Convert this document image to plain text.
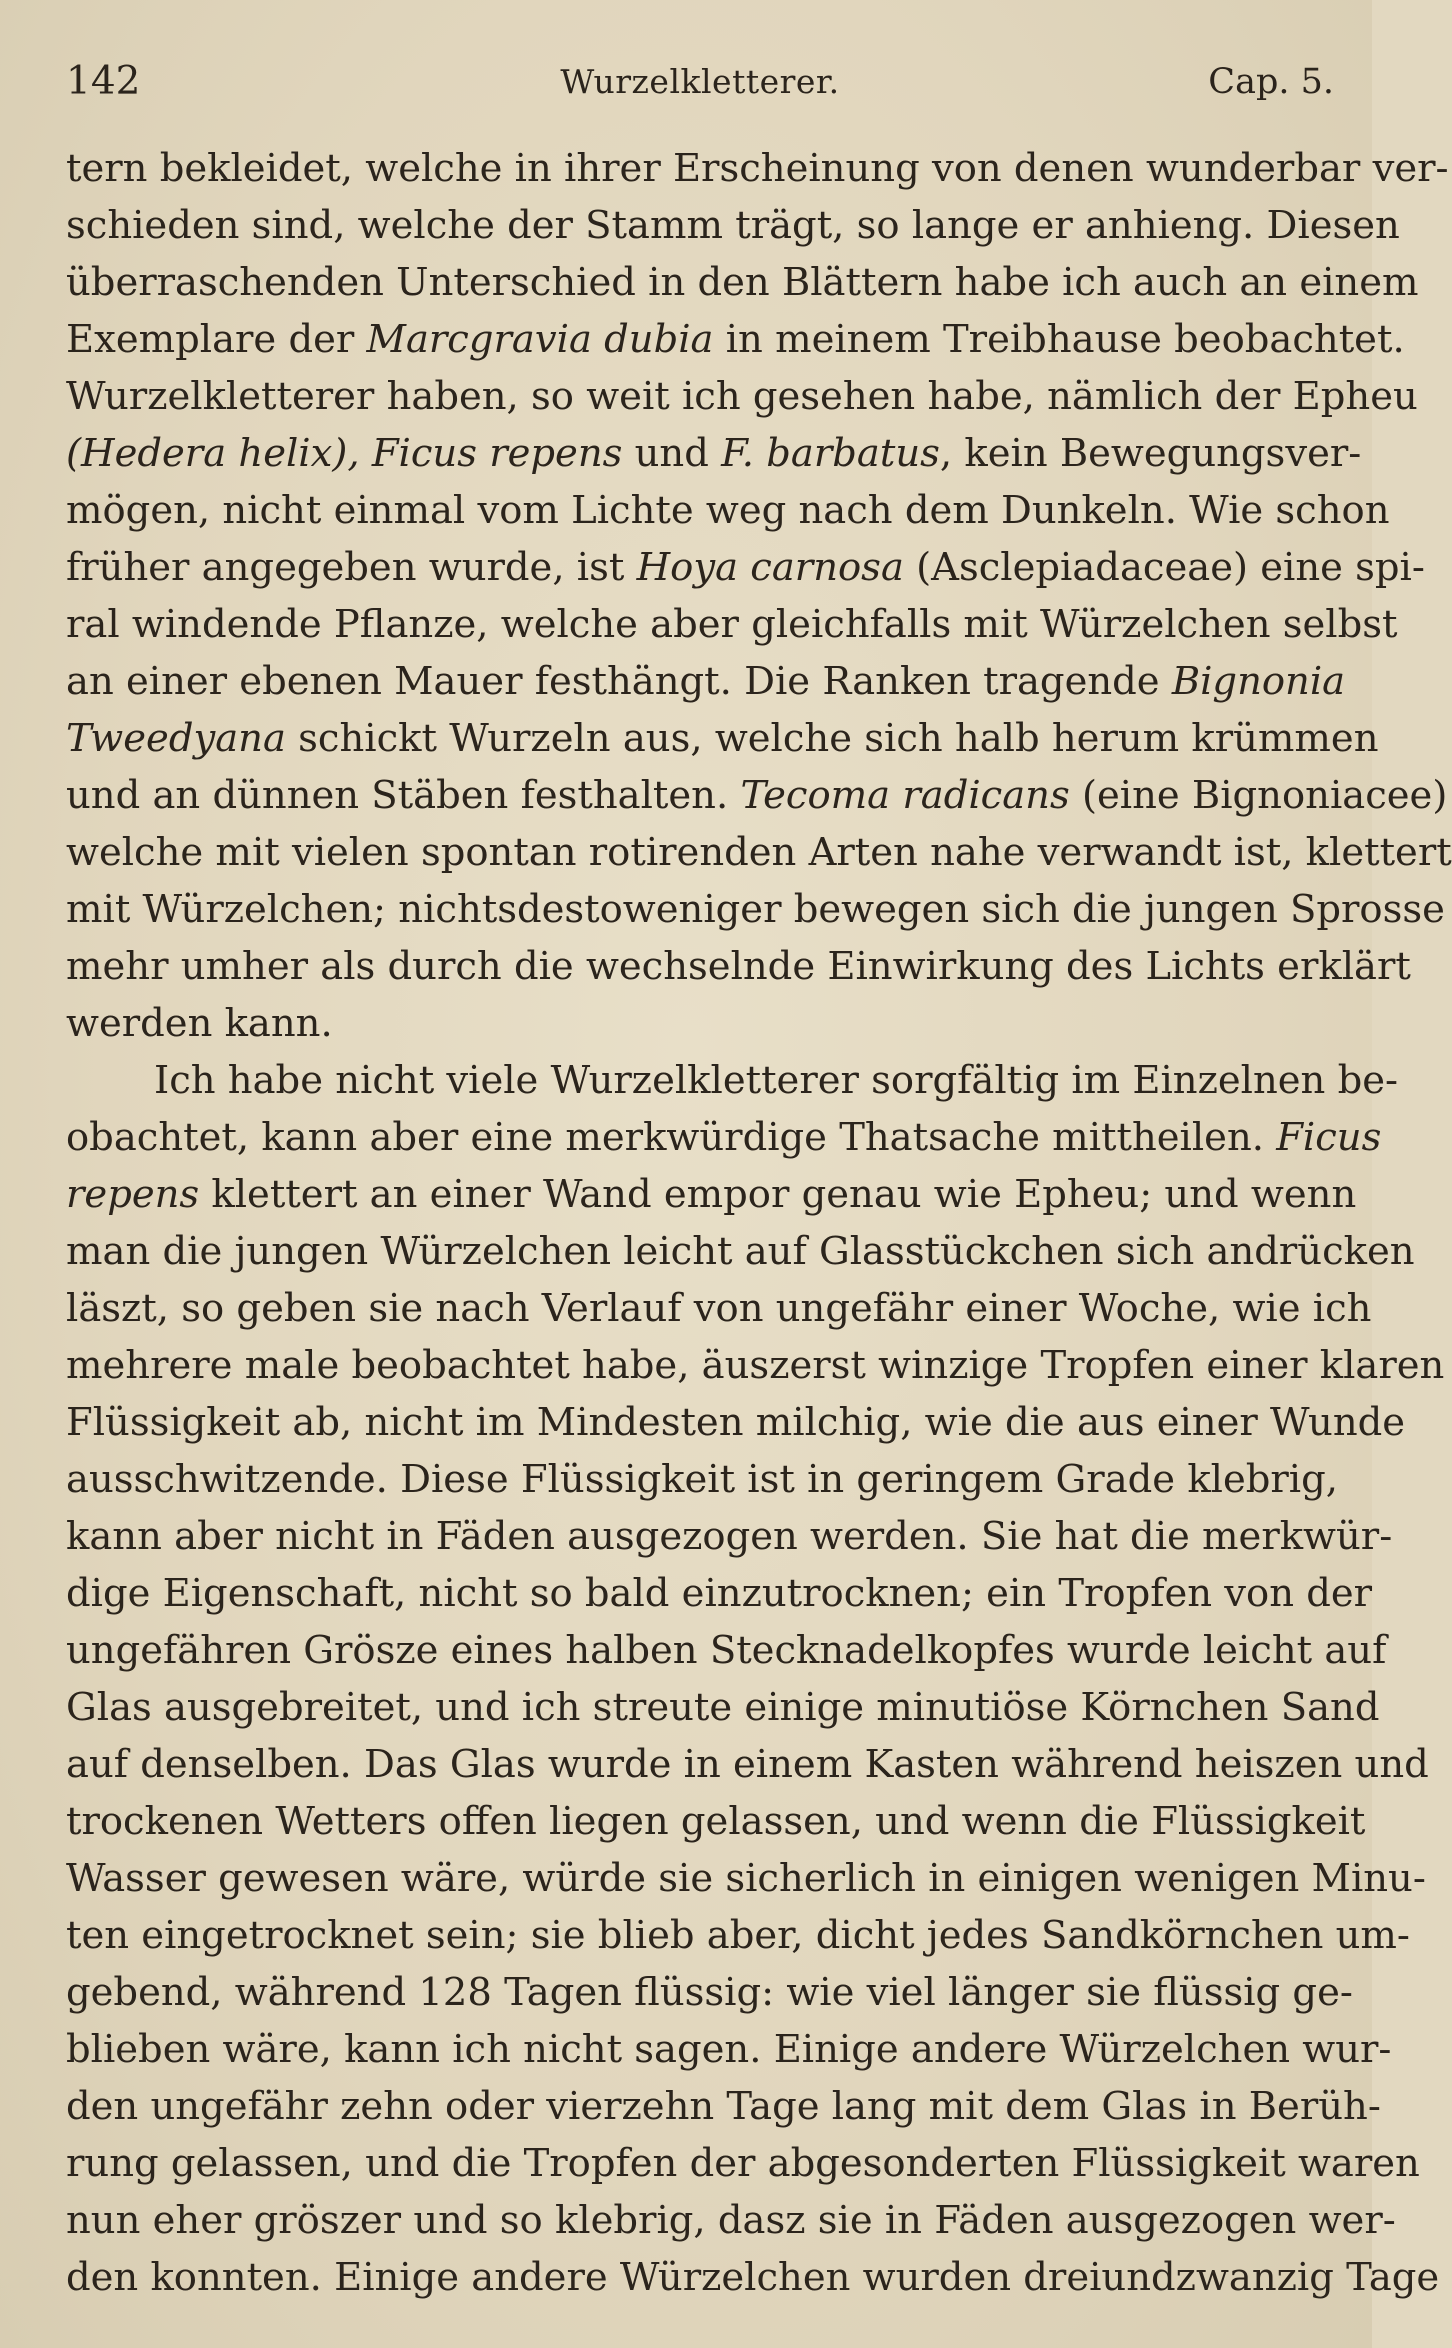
142	Wurzelkletterer.	Cap. 5.
tern bekleidet, welche in ihrer Erscheinung von denen wunderbar ver-
schieden sind, welche der Stamm trägt, so lange er anhieng. Diesen
überraschenden Unterschied in den Blättern habe ich auch an einem
Exemplare der Marcgravia dubia in meinem Treibhause beobachtet.
Wurzelkletterer haben, so weit ich gesehen habe, nämlich der Epheu
(Hedera helix), Ficus repens und F. barbatus, kein Bewegungsver-
mögen, nicht einmal vom Lichte weg nach dem Dunkeln. Wie schon
früher angegeben wurde, ist Hoya carnosa (Asclepiadaceae) eine spi-
ral windende Pflanze, welche aber gleichfalls mit Würzelchen selbst
an einer ebenen Mauer festhängt. Die Ranken tragende Bignonia
Tweedyana schickt Wurzeln aus, welche sich halb herum krümmen
und an dünnen Stäben festhalten. Tecoma radicans (eine Bignoniacee)
welche mit vielen spontan rotirenden Arten nahe verwandt ist, klettert
mit Würzelchen; nichtsdestoweniger bewegen sich die jungen Sprosse
mehr umher als durch die wechselnde Einwirkung des Lichts erklärt
werden kann.
Ich habe nicht viele Wurzelkletterer sorgfältig im Einzelnen be-
obachtet, kann aber eine merkwürdige Thatsache mittheilen. Ficus
repens klettert an einer Wand empor genau wie Epheu; und wenn
man die jungen Würzelchen leicht auf Glasstückchen sich andrücken
läszt, so geben sie nach Verlauf von ungefähr einer Woche, wie ich
mehrere male beobachtet habe, äuszerst winzige Tropfen einer klaren
Flüssigkeit ab, nicht im Mindesten milchig, wie die aus einer Wunde
ausschwitzende. Diese Flüssigkeit ist in geringem Grade klebrig,
kann aber nicht in Fäden ausgezogen werden. Sie hat die merkwür-
dige Eigenschaft, nicht so bald einzutrocknen; ein Tropfen von der
ungefähren Grösze eines halben Stecknadelkopfes wurde leicht auf
Glas ausgebreitet, und ich streute einige minutiöse Körnchen Sand
auf denselben. Das Glas wurde in einem Kasten während heiszen und
trockenen Wetters offen liegen gelassen, und wenn die Flüssigkeit
Wasser gewesen wäre, würde sie sicherlich in einigen wenigen Minu-
ten eingetrocknet sein; sie blieb aber, dicht jedes Sandkörnchen um-
gebend, während 128 Tagen flüssig: wie viel länger sie flüssig ge-
blieben wäre, kann ich nicht sagen. Einige andere Würzelchen wur-
den ungefähr zehn oder vierzehn Tage lang mit dem Glas in Berüh-
rung gelassen, und die Tropfen der abgesonderten Flüssigkeit waren
nun eher gröszer und so klebrig, dasz sie in Fäden ausgezogen wer-
den konnten. Einige andere Würzelchen wurden dreiundzwanzig Tage
